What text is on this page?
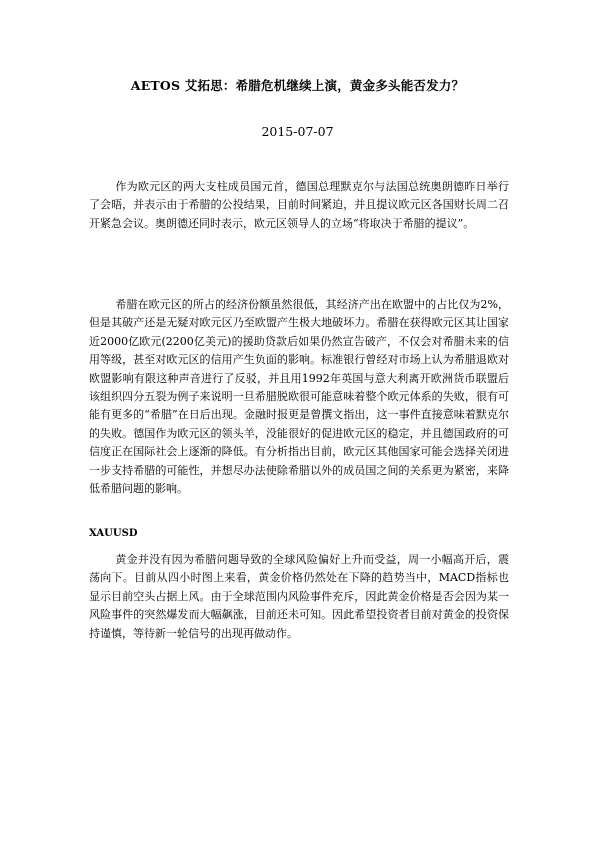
AETOS 艾拓思：希腊危机继续上演，黄金多头能否发力？
2015-07-07

作为欧元区的两大支柱成员国元首，德国总理默克尔与法国总统奥朗德昨日举行了会晤，并表示由于希腊的公投结果，目前时间紧迫，并且提议欧元区各国财长周二召开紧急会议。奥朗德还同时表示，欧元区领导人的立场“将取决于希腊的提议”。

希腊在欧元区的所占的经济份额虽然很低，其经济产出在欧盟中的占比仅为2%，但是其破产还是无疑对欧元区乃至欧盟产生极大地破坏力。希腊在获得欧元区其让国家近2000亿欧元(2200亿美元)的援助贷款后如果仍然宣告破产，不仅会对希腊未来的信用等级，甚至对欧元区的信用产生负面的影响。标准银行曾经对市场上认为希腊退欧对欧盟影响有限这种声音进行了反驳，并且用1992年英国与意大利离开欧洲货币联盟后该组织四分五裂为例子来说明一旦希腊脱欧很可能意味着整个欧元体系的失败，很有可能有更多的“希腊”在日后出现。金融时报更是曾撰文指出，这一事件直接意味着默克尔的失败。德国作为欧元区的领头羊，没能很好的促进欧元区的稳定，并且德国政府的可信度正在国际社会上逐渐的降低。有分析指出目前，欧元区其他国家可能会选择关闭进一步支持希腊的可能性，并想尽办法使除希腊以外的成员国之间的关系更为紧密，来降低希腊问题的影响。

XAUUSD

黄金并没有因为希腊问题导致的全球风险偏好上升而受益，周一小幅高开后，震荡向下。目前从四小时图上来看，黄金价格仍然处在下降的趋势当中，MACD指标也显示目前空头占据上风。由于全球范围内风险事件充斥，因此黄金价格是否会因为某一风险事件的突然爆发而大幅飙涨，目前还未可知。因此希望投资者目前对黄金的投资保持谨慎，等待新一轮信号的出现再做动作。
